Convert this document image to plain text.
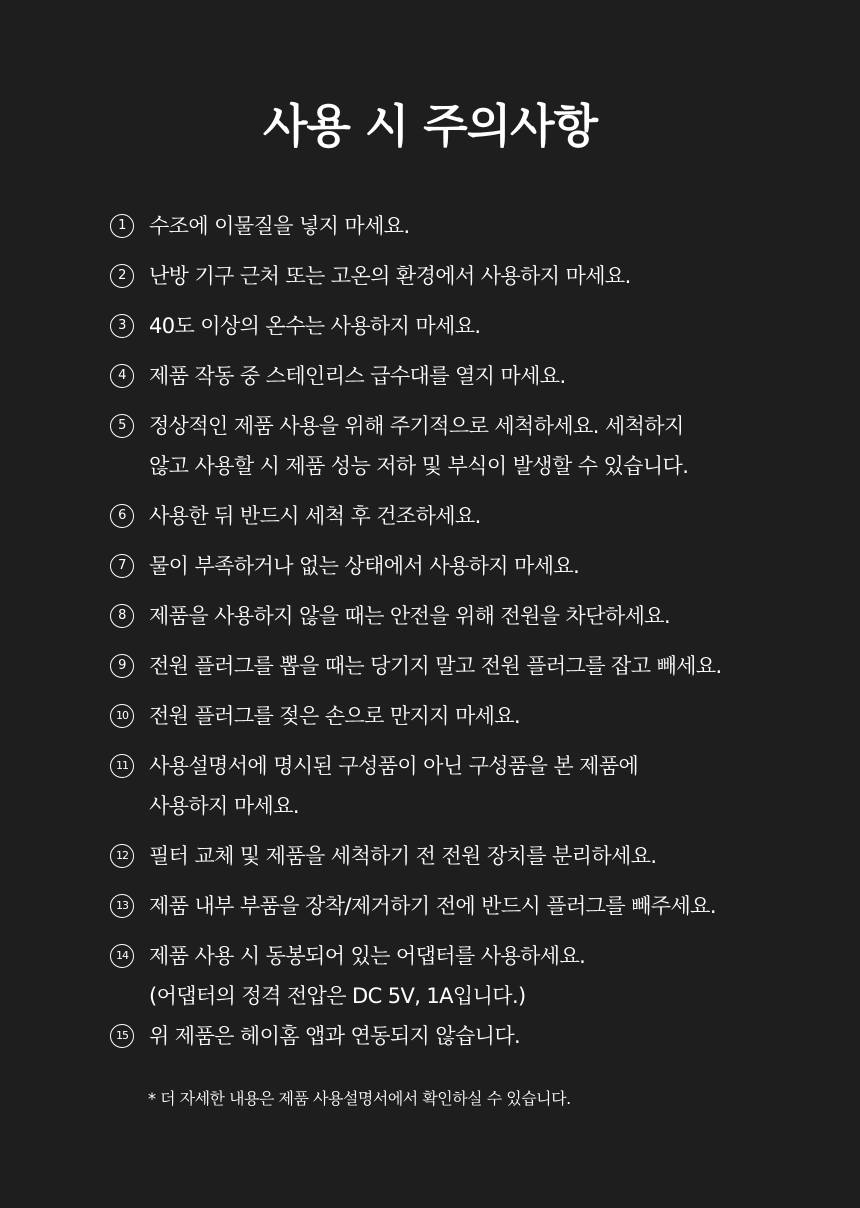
사용 시 주의사항
1	수조에 이물질을 넣지 마세요.
2	난방 기구 근처 또는 고온의 환경에서 사용하지 마세요.
3	40도 이상의 온수는 사용하지 마세요.
4	제품 작동 중 스테인리스 급수대를 열지 마세요.
5	정상적인 제품 사용을 위해 주기적으로 세척하세요. 세척하지
않고 사용할 시 제품 성능 저하 및 부식이 발생할 수 있습니다.
6	사용한 뒤 반드시 세척 후 건조하세요.
7	물이 부족하거나 없는 상태에서 사용하지 마세요.
8	제품을 사용하지 않을 때는 안전을 위해 전원을 차단하세요.
9	전원 플러그를 뽑을 때는 당기지 말고 전원 플러그를 잡고 빼세요.
10 전원 플러그를 젖은 손으로 만지지 마세요.
11 사용설명서에 명시된 구성품이 아닌 구성품을 본 제품에
사용하지 마세요.
12 필터 교체 및 제품을 세척하기 전 전원 장치를 분리하세요.
13 제품 내부 부품을 장착/제거하기 전에 반드시 플러그를 빼주세요.
14 제품 사용 시 동봉되어 있는 어댑터를 사용하세요.
(어댑터의 정격 전압은 DC 5V, 1A입니다.)
15 위 제품은 헤이홈 앱과 연동되지 않습니다.
* 더 자세한 내용은 제품 사용설명서에서 확인하실 수 있습니다.
